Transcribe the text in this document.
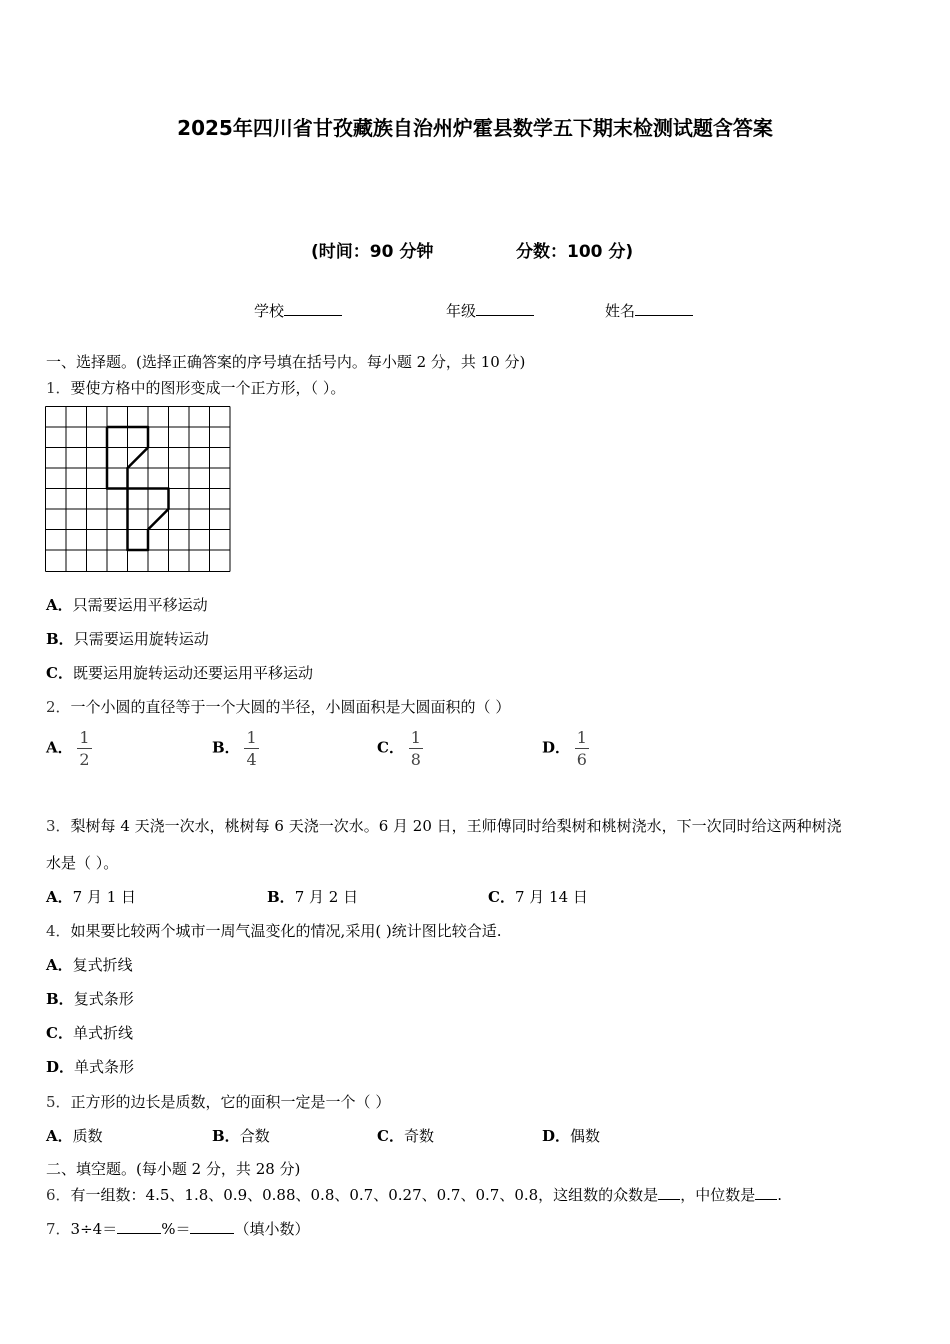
2025年四川省甘孜藏族自治州炉霍县数学五下期末检测试题含答案
(时间：90 分钟	分数：100 分)
学校	年级	姓名
一、选择题。(选择正确答案的序号填在括号内。每小题 2 分，共 10 分)
1．要使方格中的图形变成一个正方形，（ ）。
A．只需要运用平移运动
B．只需要运用旋转运动
C．既要运用旋转运动还要运用平移运动
2．一个小圆的直径等于一个大圆的半径，小圆面积是大圆面积的（ ）
A． $\frac{1}{2}$	B． $\frac{1}{4}$	C． $\frac{1}{8}$	D． $\frac{1}{6}$
3．梨树每 4 天浇一次水，桃树每 6 天浇一次水。6 月 20 日，王师傅同时给梨树和桃树浇水，下一次同时给这两种树浇
水是（ ）。
A．7 月 1 日	B．7 月 2 日	C．7 月 14 日
4．如果要比较两个城市一周气温变化的情况,采用( )统计图比较合适.
A．复式折线
B．复式条形
C．单式折线
D．单式条形
5．正方形的边长是质数，它的面积一定是一个（ ）
A．质数	B．合数	C．奇数	D．偶数
二、填空题。(每小题 2 分，共 28 分)
6．有一组数：4.5、1.8、0.9、0.88、0.8、0.7、0.27、0.7、0.7、0.8，这组数的众数是 ，中位数是 .
7．3÷4＝	%＝	（填小数）
